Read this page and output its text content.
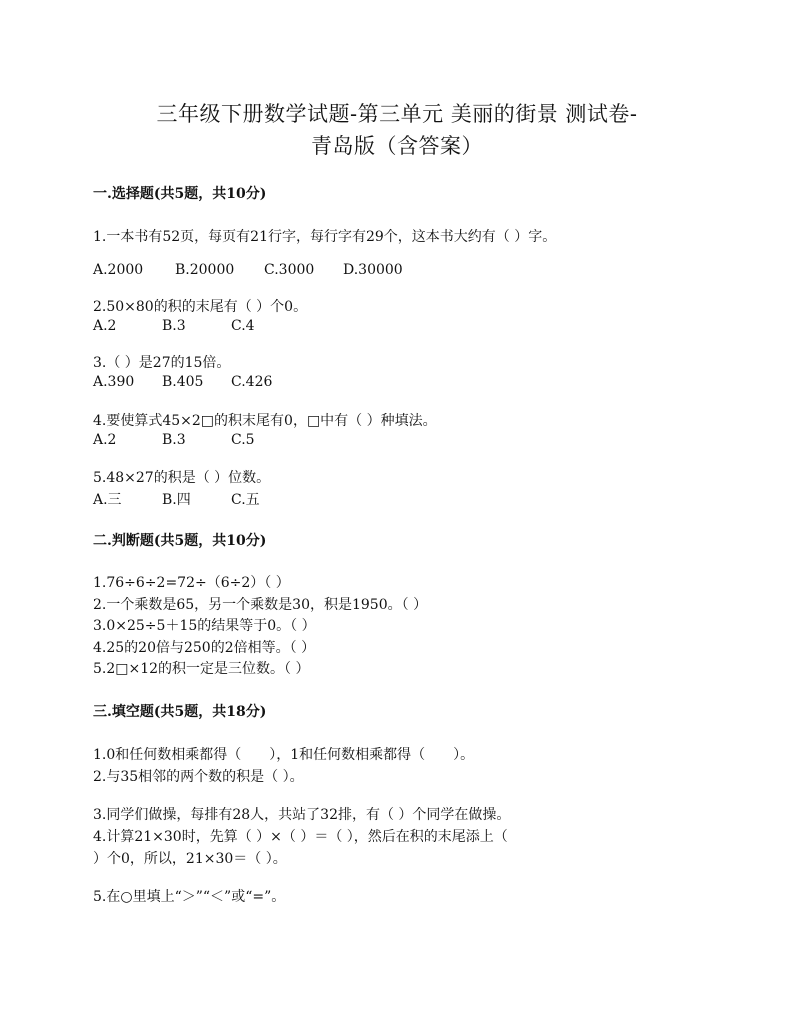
三年级下册数学试题-第三单元 美丽的街景 测试卷-
青岛版（含答案）
一.选择题(共5题，共10分)
1.一本书有52页，每页有21行字，每行字有29个，这本书大约有（ ）字。
A.2000 B.20000 C.3000 D.30000
2.50×80的积的末尾有（ ）个0。
A.2	B.3	C.4
3.（ ）是27的15倍。
A.390 B.405 C.426
4.要使算式45×2□的积末尾有0，□中有（ ）种填法。
A.2	B.3	C.5
5.48×27的积是（ ）位数。
A.三	B.四	C.五
二.判断题(共5题，共10分)
1.76÷6÷2=72÷（6÷2）（ ）
2.一个乘数是65，另一个乘数是30，积是1950。（ ）
3.0×25÷5＋15的结果等于0。（ ）
4.25的20倍与250的2倍相等。（ ）
5.2□×12的积一定是三位数。（ ）
三.填空题(共5题，共18分)
1.0和任何数相乘都得（　　），1和任何数相乘都得（　　）。
2.与35相邻的两个数的积是（ ）。
3.同学们做操，每排有28人，共站了32排，有（ ）个同学在做操。
4.计算21×30时，先算（ ）×（ ）＝（ ），然后在积的末尾添上（
）个0，所以，21×30＝（ ）。
5.在○里填上“＞”“＜”或“=”。
